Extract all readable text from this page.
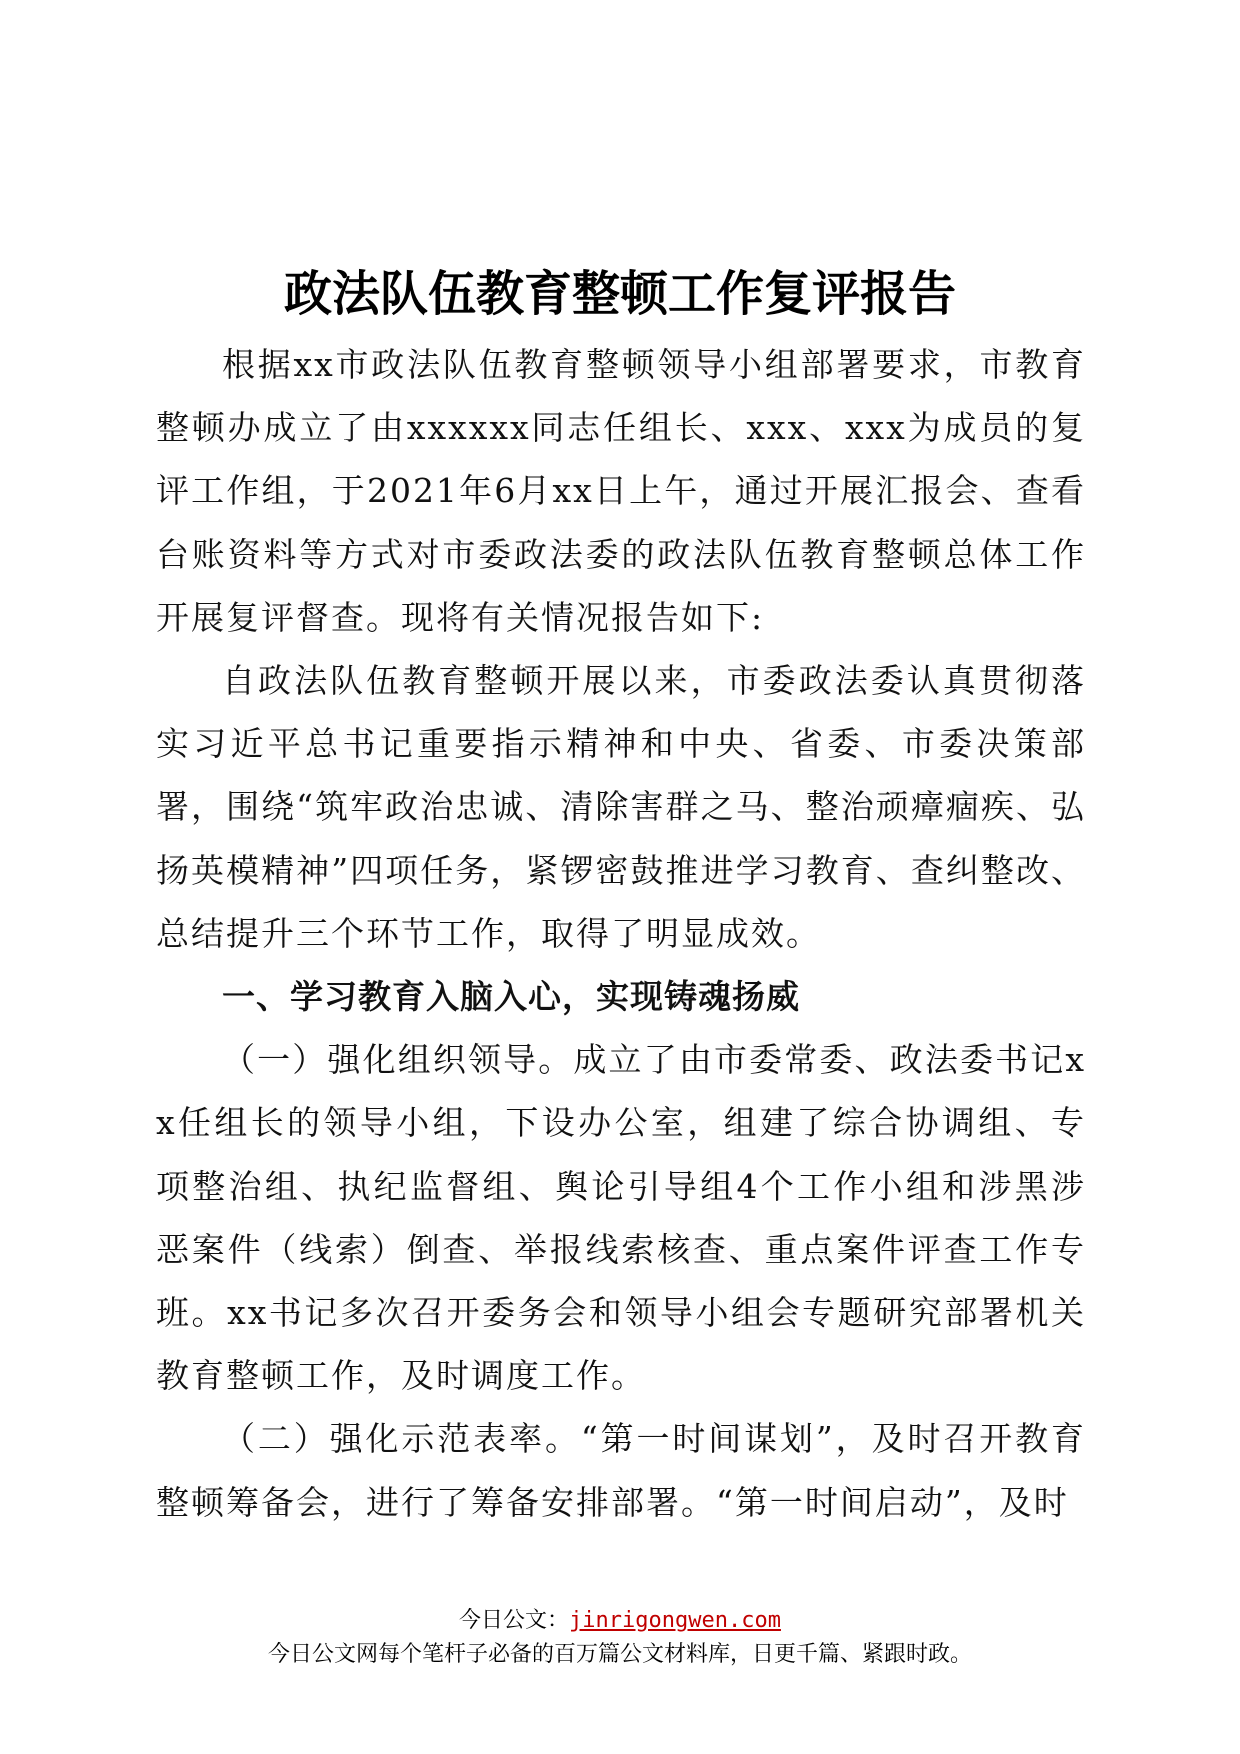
政法队伍教育整顿工作复评报告

根据xx市政法队伍教育整顿领导小组部署要求，市教育整顿办成立了由xxxxxx同志任组长、xxx、xxx为成员的复评工作组，于2021年6月xx日上午，通过开展汇报会、查看台账资料等方式对市委政法委的政法队伍教育整顿总体工作开展复评督查。现将有关情况报告如下:

自政法队伍教育整顿开展以来，市委政法委认真贯彻落实习近平总书记重要指示精神和中央、省委、市委决策部署，围绕“筑牢政治忠诚、清除害群之马、整治顽瘴痼疾、弘扬英模精神”四项任务，紧锣密鼓推进学习教育、查纠整改、总结提升三个环节工作，取得了明显成效。

一、学习教育入脑入心，实现铸魂扬威

（一）强化组织领导。成立了由市委常委、政法委书记xx任组长的领导小组，下设办公室，组建了综合协调组、专项整治组、执纪监督组、舆论引导组4个工作小组和涉黑涉恶案件（线索）倒查、举报线索核查、重点案件评查工作专班。xx书记多次召开委务会和领导小组会专题研究部署机关教育整顿工作，及时调度工作。

（二）强化示范表率。“第一时间谋划”，及时召开教育整顿筹备会，进行了筹备安排部署。“第一时间启动”，及时

今日公文：jinrigongwen.com
今日公文网每个笔杆子必备的百万篇公文材料库，日更千篇、紧跟时政。
